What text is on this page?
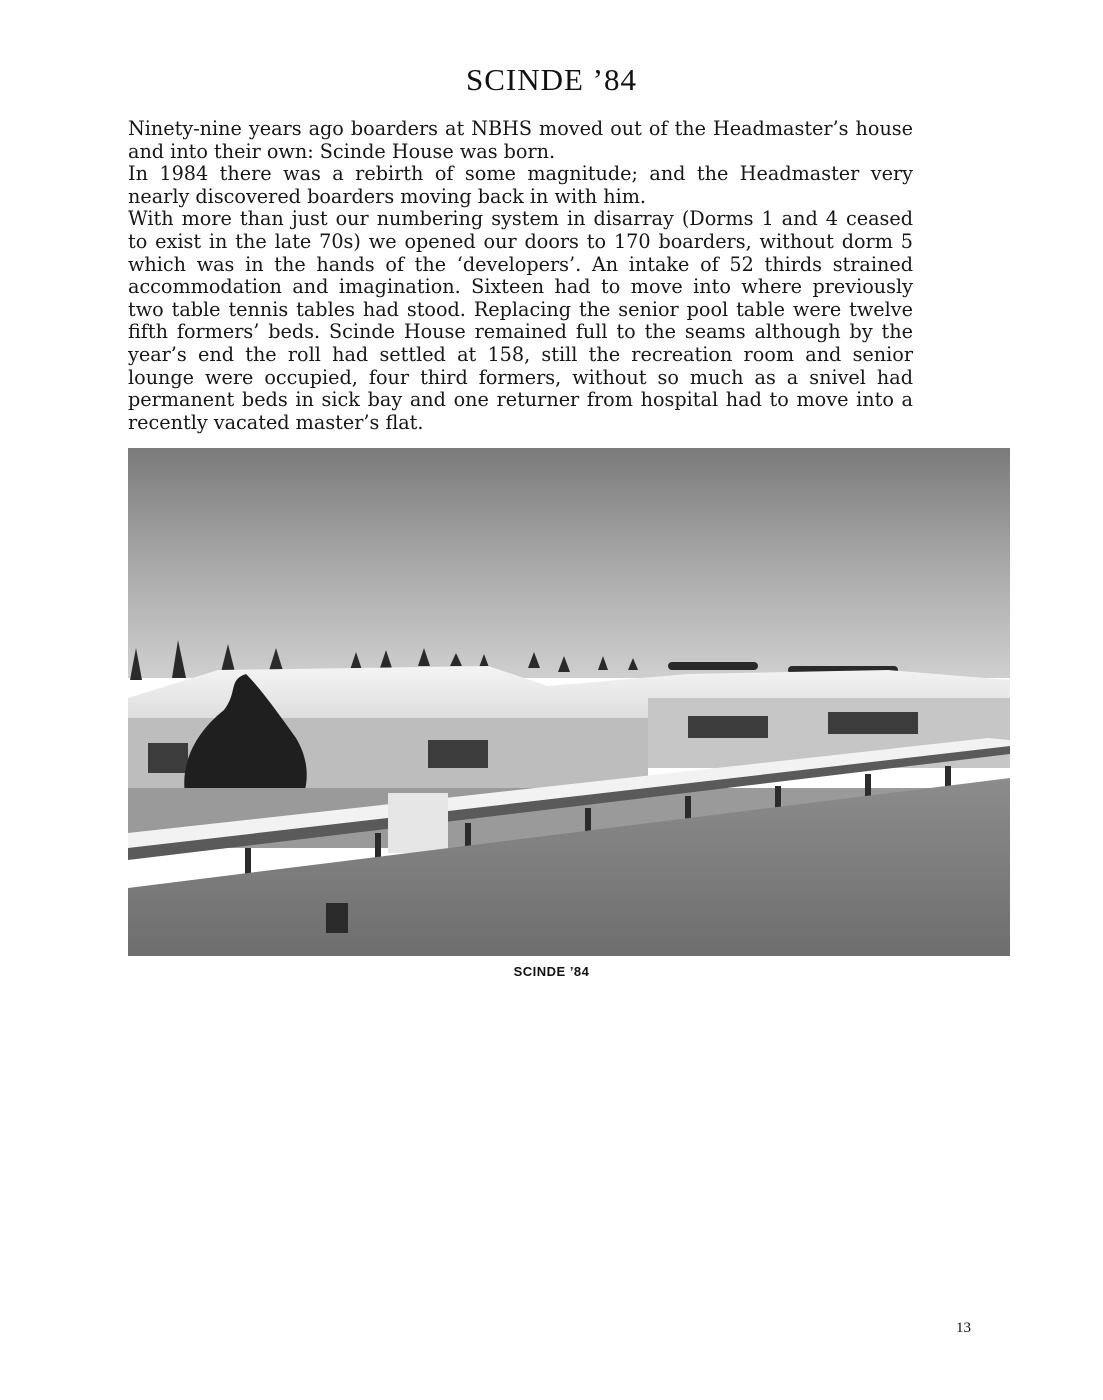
SCINDE ’84

Ninety-nine years ago boarders at NBHS moved out of the Headmaster’s house and into their own: Scinde House was born.

In 1984 there was a rebirth of some magnitude; and the Headmaster very nearly discovered boarders moving back in with him.

With more than just our numbering system in disarray (Dorms 1 and 4 ceased to exist in the late 70s) we opened our doors to 170 boarders, without dorm 5 which was in the hands of the ‘developers’. An intake of 52 thirds strained accommodation and imagination. Sixteen had to move into where previously two table tennis tables had stood. Replacing the senior pool table were twelve fifth formers’ beds. Scinde House remained full to the seams although by the year’s end the roll had settled at 158, still the recreation room and senior lounge were occupied, four third formers, without so much as a snivel had permanent beds in sick bay and one returner from hospital had to move into a recently vacated master’s flat.

SCINDE ’84
13
